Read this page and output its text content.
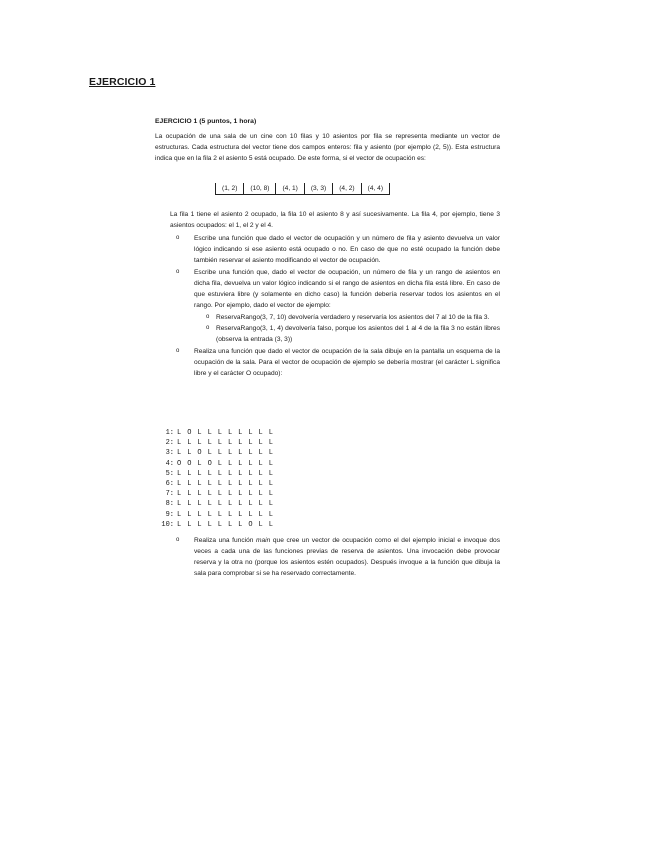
EJERCICIO 1
EJERCICIO 1 (5 puntos, 1 hora)

La ocupación de una sala de un cine con 10 filas y 10 asientos por fila se representa mediante un vector de estructuras. Cada estructura del vector tiene dos campos enteros: fila y asiento (por ejemplo (2, 5)). Esta estructura indica que en la fila 2 el asiento 5 está ocupado. De este forma, si el vector de ocupación es:

(1, 2)	(10, 8)	(4, 1)	(3, 3)	(4, 2)	(4, 4)

La fila 1 tiene el asiento 2 ocupado, la fila 10 el asiento 8 y así sucesivamente. La fila 4, por ejemplo, tiene 3 asientos ocupados: el 1, el 2 y el 4.

o Escribe una función que dado el vector de ocupación y un número de fila y asiento devuelva un valor lógico indicando si ese asiento está ocupado o no. En caso de que no esté ocupado la función debe también reservar el asiento modificando el vector de ocupación.
o Escribe una función que, dado el vector de ocupación, un número de fila y un rango de asientos en dicha fila, devuelva un valor lógico indicando si el rango de asientos en dicha fila está libre. En caso de que estuviera libre (y solamente en dicho caso) la función debería reservar todos los asientos en el rango. Por ejemplo, dado el vector de ejemplo:
o ReservaRango(3, 7, 10) devolvería verdadero y reservaría los asientos del 7 al 10 de la fila 3.
o ReservaRango(3, 1, 4) devolvería falso, porque los asientos del 1 al 4 de la fila 3 no están libres (observa la entrada (3, 3))
o Realiza una función que dado el vector de ocupación de la sala dibuje en la pantalla un esquema de la ocupación de la sala. Para el vector de ocupación de ejemplo se debería mostrar (el carácter L significa libre y el carácter O ocupado):
1: L O L L L L L L L L
2: L L L L L L L L L L
3: L L O L L L L L L L
4: O O L O L L L L L L
5: L L L L L L L L L L
6: L L L L L L L L L L
7: L L L L L L L L L L
8: L L L L L L L L L L
9: L L L L L L L L L L
10: L L L L L L L O L L
o Realiza una función main que cree un vector de ocupación como el del ejemplo inicial e invoque dos veces a cada una de las funciones previas de reserva de asientos. Una invocación debe provocar reserva y la otra no (porque los asientos estén ocupados). Después invoque a la función que dibuja la sala para comprobar si se ha reservado correctamente.
